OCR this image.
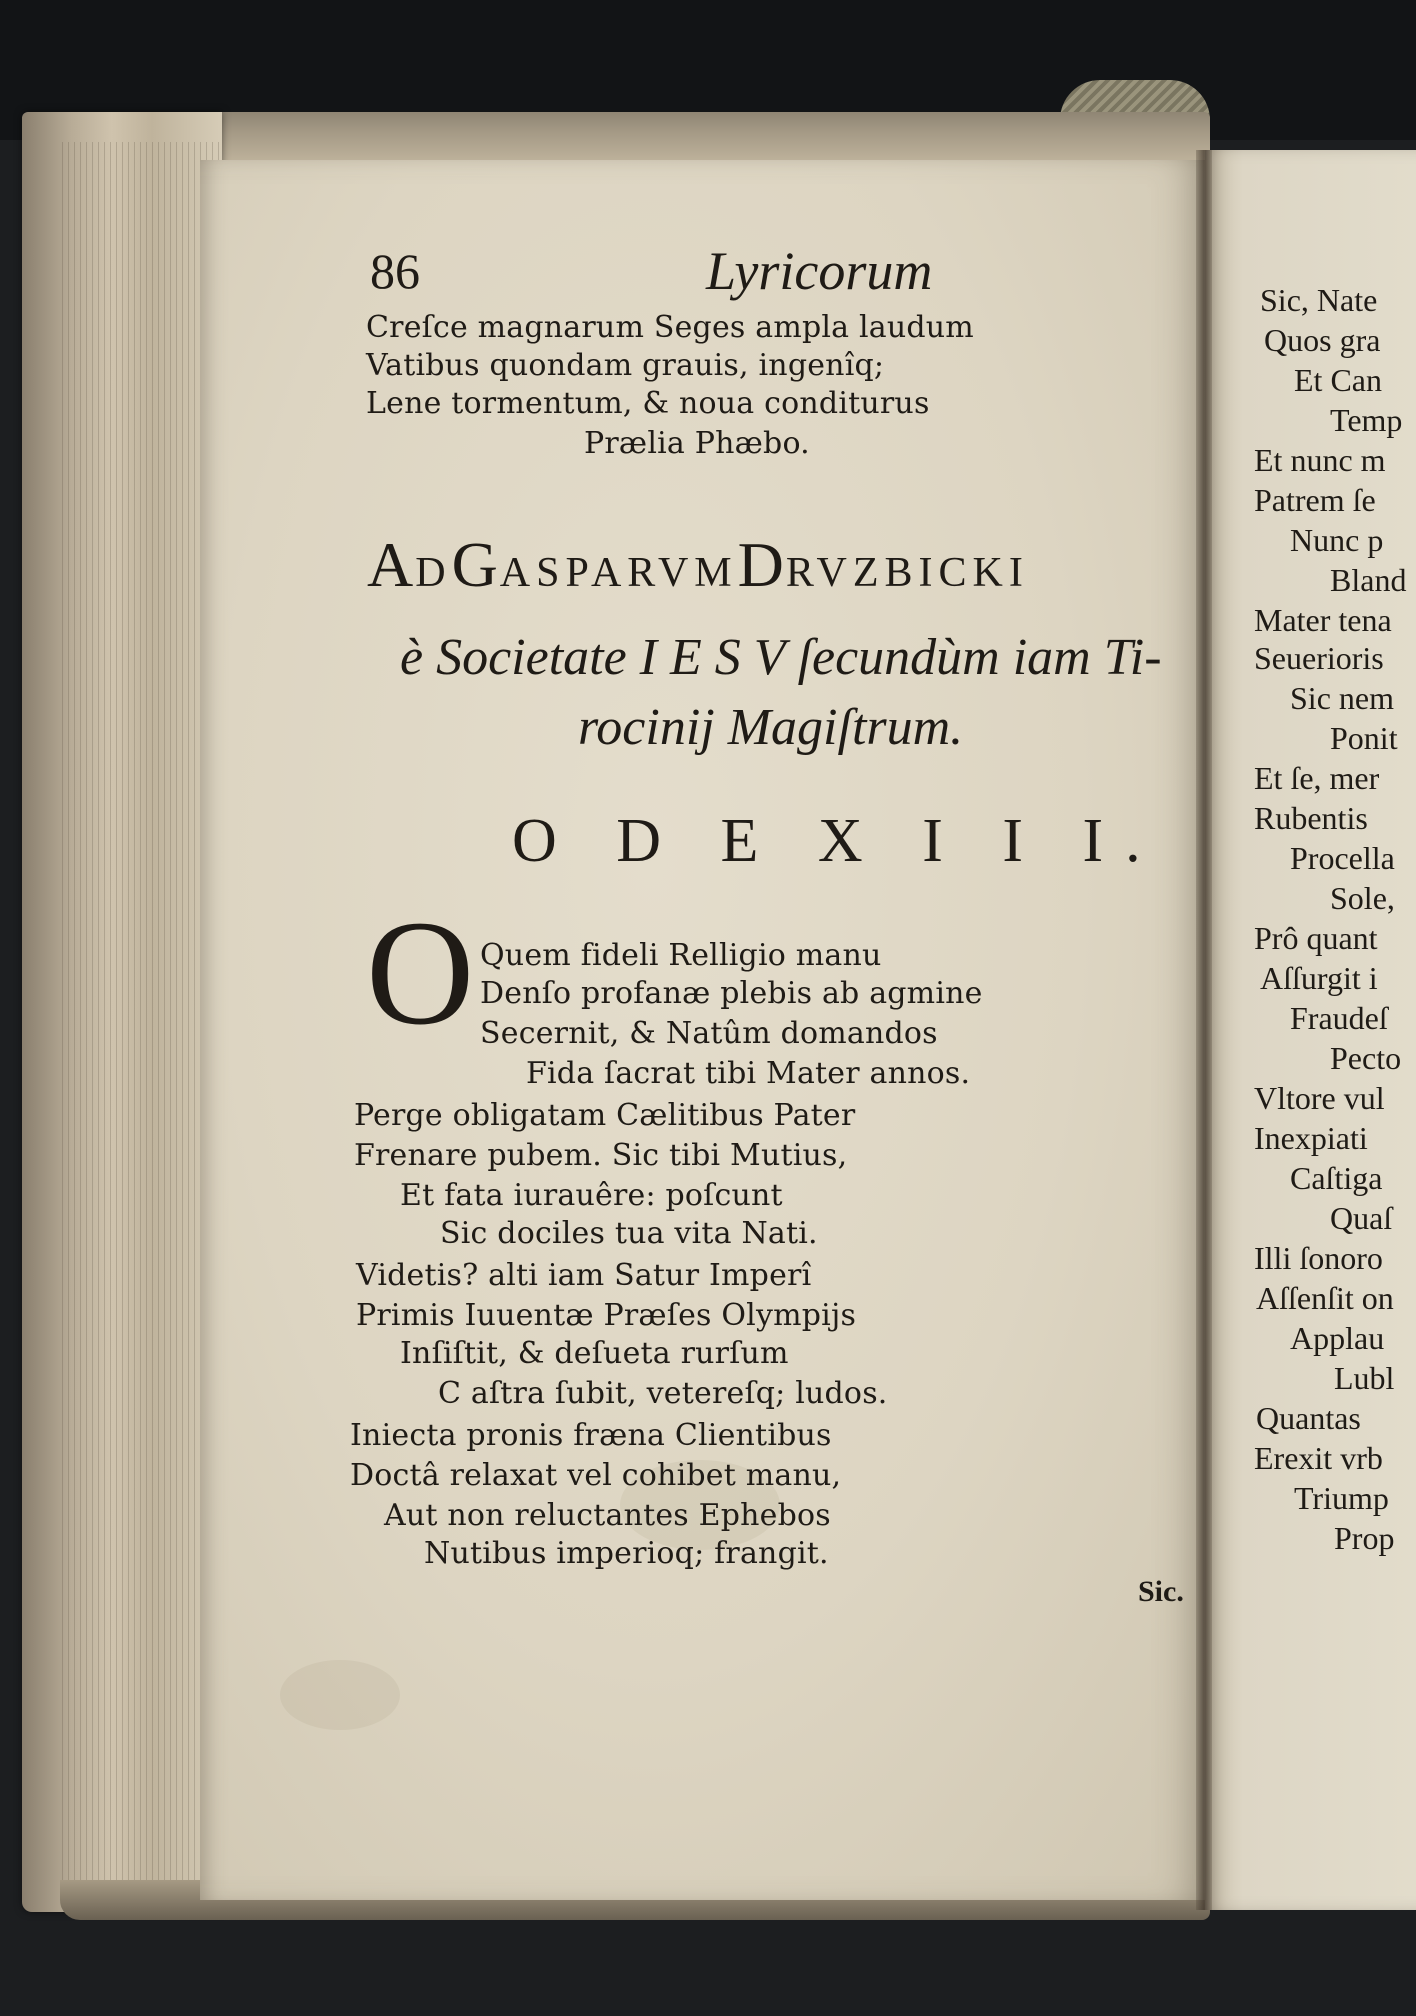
86	Lyricorum

Creſce magnarum Seges ampla laudum

Vatibus quondam grauis, ingenîq;

Lene tormentum, & noua conditurus

Prælia Phæbo.

ADGASPARVMDRVZBICKI

è Societate I E S V ſecundùm iam Ti-

rocinij Magiſtrum.

O D E X I I I.

O Quem fideli Relligio manu

Denſo profanæ plebis ab agmine

Secernit, & Natûm domandos

Fida ſacrat tibi Mater annos.

Perge obligatam Cælitibus Pater

Frenare pubem. Sic tibi Mutius,

Et fata iurauêre: poſcunt

Sic dociles tua vita Nati.

Videtis? alti iam Satur Imperî

Primis Iuuentæ Præſes Olympijs

Inſiſtit, & deſueta rurſum

C aſtra ſubit, vetereſq; ludos.

Iniecta pronis fræna Clientibus

Doctâ relaxat vel cohibet manu,

Aut non reluctantes Ephebos

Nutibus imperioq; frangit.

Sic.

Sic, Nate

Quos gra

Et Can

Temp

Et nunc m

Patrem ſe

Nunc p

Bland

Mater tena

Seuerioris

Sic nem

Ponit

Et ſe, mer

Rubentis

Procella

Sole,

Prô quant

Aſſurgit i

Fraudeſ

Pecto

Vltore vul

Inexpiati

Caſtiga

Quaſ

Illi ſonoro

Aſſenſit on

Applau

Lubl

Quantas

Erexit vrb

Triump

Prop
